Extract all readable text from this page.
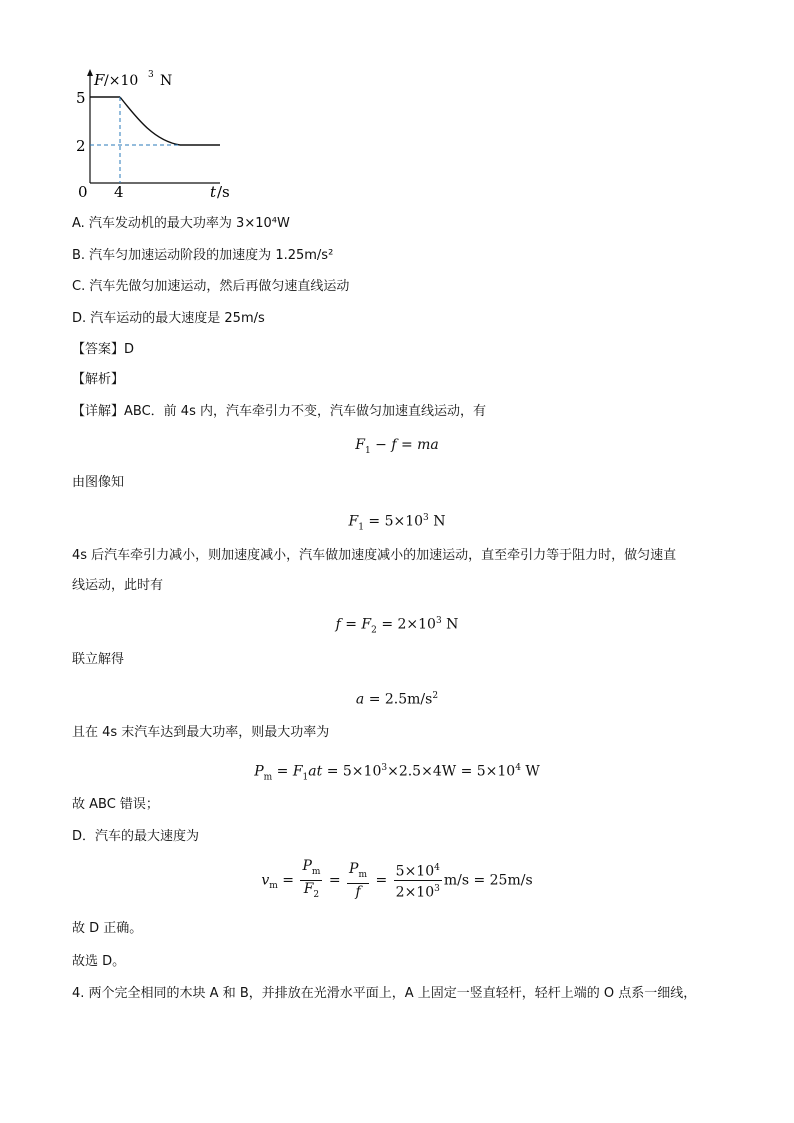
F /×10 3 N
5
2
0 4	t /s
A. 汽车发动机的最大功率为 3×10⁴W
B. 汽车匀加速运动阶段的加速度为 1.25m/s²
C. 汽车先做匀加速运动，然后再做匀速直线运动
D. 汽车运动的最大速度是 25m/s
【答案】D
【解析】
【详解】ABC．前 4s 内，汽车牵引力不变，汽车做匀加速直线运动，有
$F_1 - f$ = ma
由图像知
$F_1 = 5\times 10^3$ N
4s 后汽车牵引力减小，则加速度减小，汽车做加速度减小的加速运动，直至牵引力等于阻力时，做匀速直
线运动，此时有
$f = F_2 = 2\times 10^3$ N
联立解得
$a = 2.5m/s^2$
且在 4s 末汽车达到最大功率，则最大功率为
$P_m = F_1at = 5\times 10^3\times 2.5\times 4W = 5\times 10^4$ W
故 ABC 错误；
D．汽车的最大速度为
$v_m = \frac{P_m}{F_2} = \frac{P_m}{f} = \frac{5\times 10^4}{2\times 10^3} m/s = 25m/s$
故 D 正确。
故选 D。
4. 两个完全相同的木块 A 和 B，并排放在光滑水平面上，A 上固定一竖直轻杆，轻杆上端的 O 点系一细线，
